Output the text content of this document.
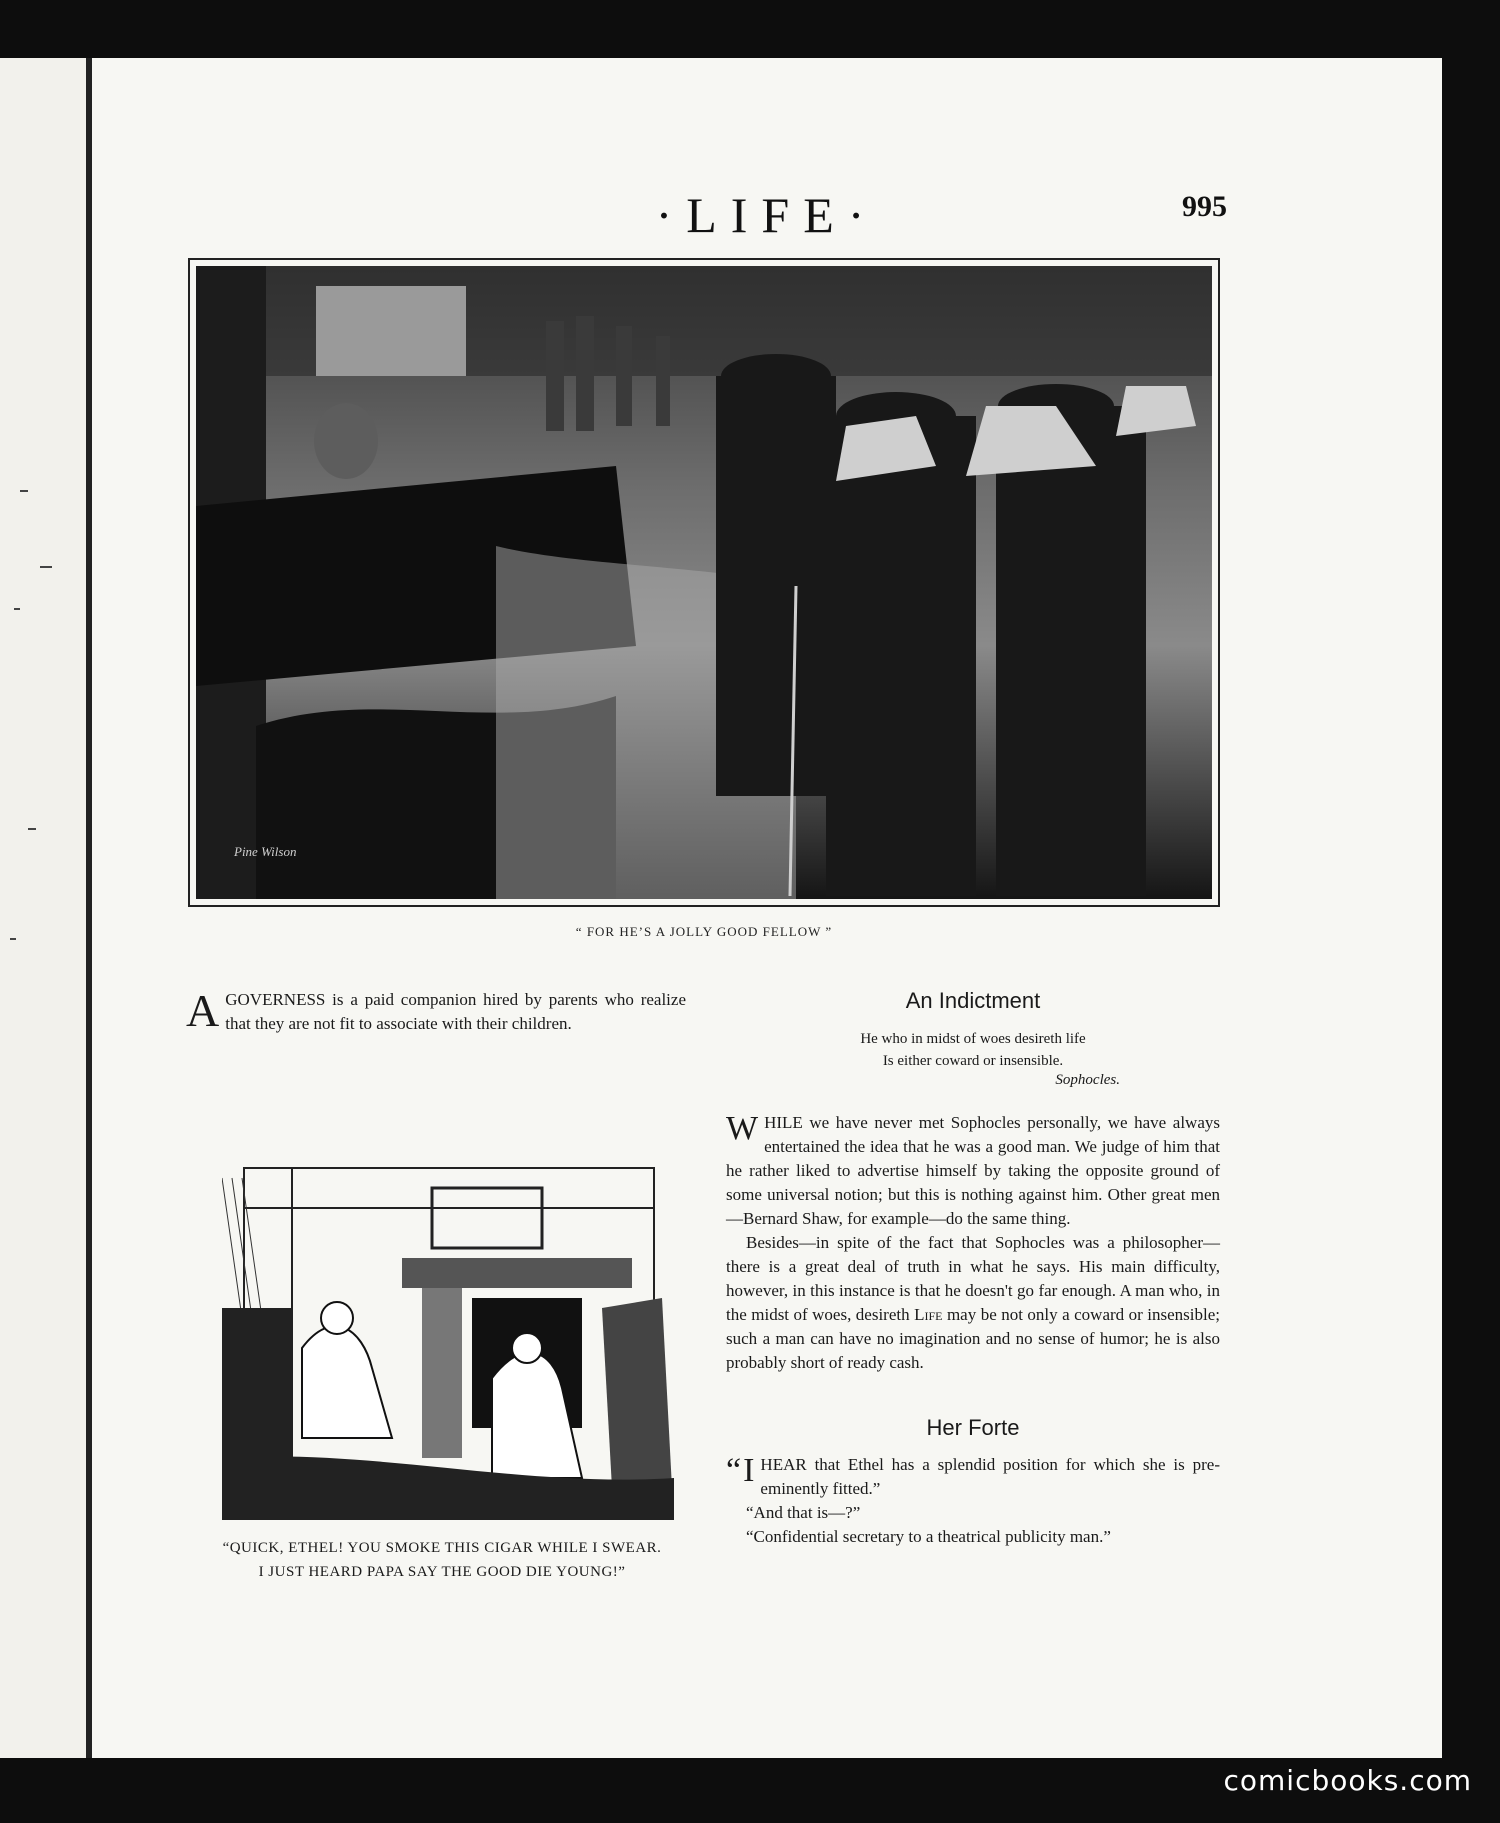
·LIFE·	995
Pine Wilson
“ FOR HE’S A JOLLY GOOD FELLOW ”

A GOVERNESS is a paid companion hired by parents who realize that they are not fit to associate with their children.

“QUICK, ETHEL! YOU SMOKE THIS CIGAR WHILE I SWEAR.
I JUST HEARD PAPA SAY THE GOOD DIE YOUNG!”
An Indictment
He who in midst of woes desireth life
Is either coward or insensible.
Sophocles.

W HILE we have never met Sophocles personally, we have always entertained the idea that he was a good man. We judge of him that he rather liked to advertise himself by taking the opposite ground of some universal notion; but this is nothing against him. Other great men —Bernard Shaw, for example—do the same thing.

Besides—in spite of the fact that Sophocles was a philosopher—there is a great deal of truth in what he says. His main difficulty, however, in this instance is that he doesn't go far enough. A man who, in the midst of woes, desireth Life may be not only a coward or insensible; such a man can have no imagination and no sense of humor; he is also probably short of ready cash.

Her Forte

“ I HEAR that Ethel has a splendid position for which she is pre-eminently fitted.”

“And that is—?”

“Confidential secretary to a theatrical publicity man.”

comicbooks.com
